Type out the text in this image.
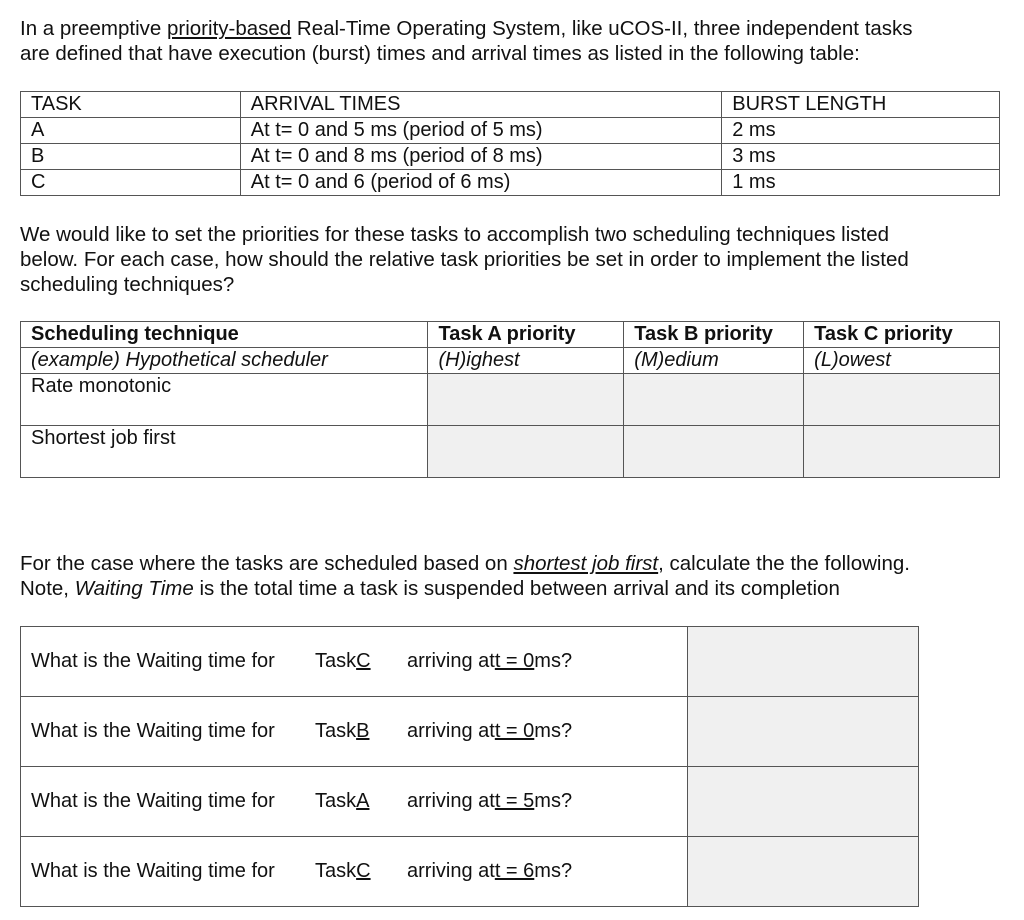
In a preemptive priority-based Real-Time Operating System, like uCOS-II, three independent tasks
are defined that have execution (burst) times and arrival times as listed in the following table:

TASK	ARRIVAL TIMES	BURST LENGTH
A	At t= 0 and 5 ms (period of 5 ms)	2 ms
B	At t= 0 and 8 ms (period of 8 ms)	3 ms
C	At t= 0 and 6 (period of 6 ms)	1 ms

We would like to set the priorities for these tasks to accomplish two scheduling techniques listed
below. For each case, how should the relative task priorities be set in order to implement the listed
scheduling techniques?

Scheduling technique	Task A priority	Task B priority	Task C priority
(example) Hypothetical scheduler	(H)ighest	(M)edium	(L)owest
Rate monotonic			
Shortest job first			

For the case where the tasks are scheduled based on shortest job first, calculate the the following.
Note, Waiting Time is the total time a task is suspended between arrival and its completion

What is the Waiting time for TaskC arriving att = 0ms?	
What is the Waiting time for TaskB arriving att = 0ms?	
What is the Waiting time for TaskA arriving att = 5ms?	
What is the Waiting time for TaskC arriving att = 6ms?	
